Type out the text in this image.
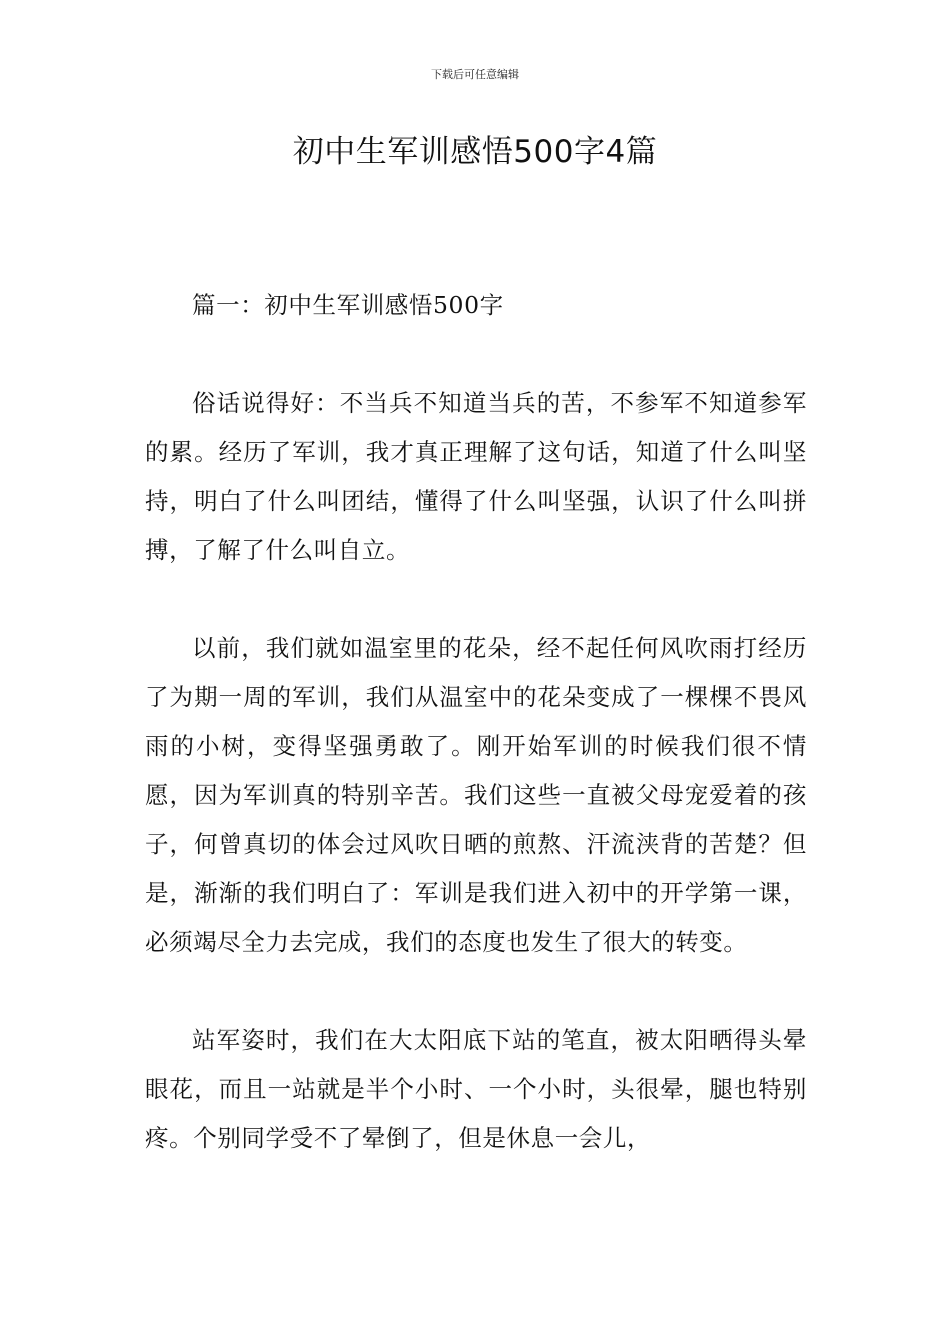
下载后可任意编辑
初中生军训感悟500字4篇

篇一：初中生军训感悟500字

俗话说得好：不当兵不知道当兵的苦，不参军不知道参军的累。经历了军训，我才真正理解了这句话，知道了什么叫坚持，明白了什么叫团结，懂得了什么叫坚强，认识了什么叫拼搏，了解了什么叫自立。

以前，我们就如温室里的花朵，经不起任何风吹雨打经历了为期一周的军训，我们从温室中的花朵变成了一棵棵不畏风雨的小树，变得坚强勇敢了。刚开始军训的时候我们很不情愿，因为军训真的特别辛苦。我们这些一直被父母宠爱着的孩子，何曾真切的体会过风吹日晒的煎熬、汗流浃背的苦楚？但是，渐渐的我们明白了：军训是我们进入初中的开学第一课，必须竭尽全力去完成，我们的态度也发生了很大的转变。

站军姿时，我们在大太阳底下站的笔直，被太阳晒得头晕眼花，而且一站就是半个小时、一个小时，头很晕，腿也特别疼。个别同学受不了晕倒了，但是休息一会儿，
